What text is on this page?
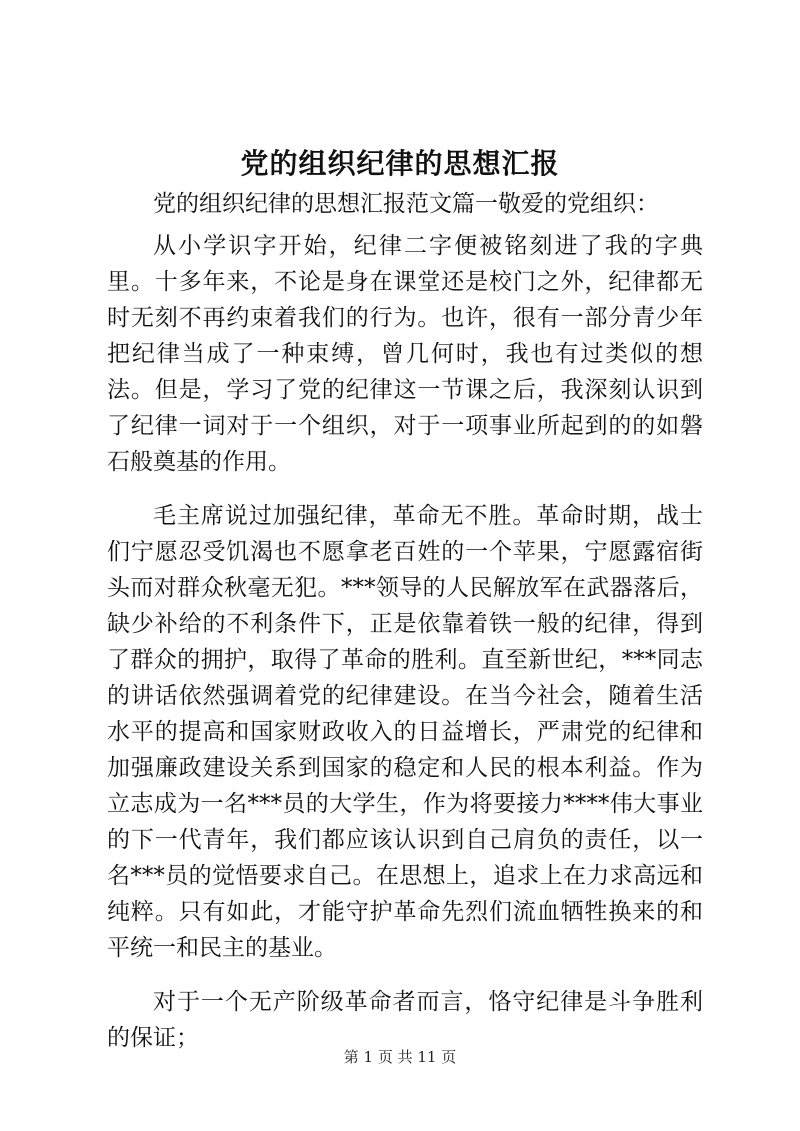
党的组织纪律的思想汇报

党的组织纪律的思想汇报范文篇一敬爱的党组织：

从小学识字开始，纪律二字便被铭刻进了我的字典里。十多年来，不论是身在课堂还是校门之外，纪律都无时无刻不再约束着我们的行为。也许，很有一部分青少年把纪律当成了一种束缚，曾几何时，我也有过类似的想法。但是，学习了党的纪律这一节课之后，我深刻认识到了纪律一词对于一个组织，对于一项事业所起到的的如磐石般奠基的作用。

毛主席说过加强纪律，革命无不胜。革命时期，战士们宁愿忍受饥渴也不愿拿老百姓的一个苹果，宁愿露宿街头而对群众秋毫无犯。***领导的人民解放军在武器落后，缺少补给的不利条件下，正是依靠着铁一般的纪律，得到了群众的拥护，取得了革命的胜利。直至新世纪，***同志的讲话依然强调着党的纪律建设。在当今社会，随着生活水平的提高和国家财政收入的日益增长，严肃党的纪律和加强廉政建设关系到国家的稳定和人民的根本利益。作为立志成为一名***员的大学生，作为将要接力****伟大事业的下一代青年，我们都应该认识到自己肩负的责任，以一名***员的觉悟要求自己。在思想上，追求上在力求高远和纯粹。只有如此，才能守护革命先烈们流血牺牲换来的和平统一和民主的基业。

对于一个无产阶级革命者而言，恪守纪律是斗争胜利的保证；

第 1 页 共 11 页
